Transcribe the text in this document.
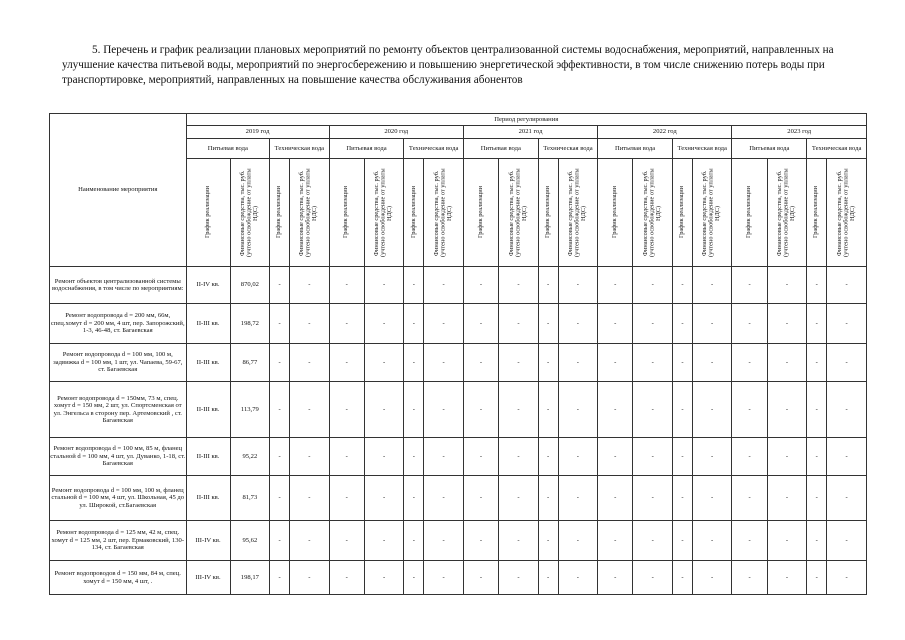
5. Перечень и график реализации плановых мероприятий по ремонту объектов централизованной системы водоснабжения, мероприятий, направленных на улучшение качества питьевой воды, мероприятий по энергосбережению и повышению энергетической эффективности, в том числе снижению потерь воды при транспортировке, мероприятий, направленных на повышение качества обслуживания абонентов
Наименование мероприятия	Период регулирования																			
	2019 год				2020 год				2021 год				2022 год				2023 год			
	Питьевая вода		Техническая вода		Питьевая вода		Техническая вода		Питьевая вода		Техническая вода		Питьевая вода		Техническая вода		Питьевая вода		Техническая вода	

	График реализации	Финансовые средства, тыс. руб. (учтено освобождение от уплаты НДС)	График реализации	Финансовые средства, тыс. руб. (учтено освобождение от уплаты НДС)	График реализации	Финансовые средства, тыс. руб. (учтено освобождение от уплаты НДС)	График реализации	Финансовые средства, тыс. руб. (учтено освобождение от уплаты НДС)	График реализации	Финансовые средства, тыс. руб. (учтено освобождение от уплаты НДС)	График реализации	Финансовые средства, тыс. руб. (учтено освобождение от уплаты НДС)	График реализации	Финансовые средства, тыс. руб. (учтено освобождение от уплаты НДС)	График реализации	Финансовые средства, тыс. руб. (учтено освобождение от уплаты НДС)	График реализации	Финансовые средства, тыс. руб. (учтено освобождение от уплаты НДС)	График реализации	Финансовые средства, тыс. руб. (учтено освобождение от уплаты НДС)

Ремонт объектов централизованной системы водоснабжения, в том числе по мероприятиям:	II-IV кв.	870,02	-	-	-	-	-	-	-	-	-	-	-	-	-	-	-	-	-	-
Ремонт водопровода d = 200 мм, 66м, спец.хомут d = 200 мм, 4 шт, пер. Запорожский, 1-3, 46-48, ст. Багаевская	II-III кв.	198,72	-	-	-	-	-	-	-	-	-	-	-	-	-	-	-	-	-	-
Ремонт водопровода d = 100 мм, 100 м, задвижка d = 100 мм, 1 шт, ул. Чапаева, 59-67, ст. Багаевская	II-III кв.	86,77	-	-	-	-	-	-	-	-	-	-	-	-	-	-	-	-	-	-
Ремонт водопровода d = 150мм, 73 м, спец. хомут d = 150 мм, 2 шт, ул. Спортсменская от ул. Энгельса в сторону пер. Артемовский , ст. Багаевская	II-III кв.	113,79	-	-	-	-	-	-	-	-	-	-	-	-	-	-	-	-	-	-
Ремонт водопровода d = 100 мм, 85 м, фланец стальной d = 100 мм, 4 шт, ул. Дуванко, 1-18, ст. Багаевская	II-III кв.	95,22	-	-	-	-	-	-	-	-	-	-	-	-	-	-	-	-	-	-
Ремонт водопровода d = 100 мм, 100 м, фланец стальной d = 100 мм, 4 шт, ул. Школьная, 45 до ул. Широкой, ст.Багаевская	II-III кв.	81,73	-	-	-	-	-	-	-	-	-	-	-	-	-	-	-	-	-	-
Ремонт водопровода d = 125 мм, 42 м, спец. хомут d = 125 мм, 2 шт, пер. Ермаковский, 130-134, ст. Багаевская	III-IV кв.	95,62	-	-	-	-	-	-	-	-	-	-	-	-	-	-	-	-	-	-
Ремонт водопроводов d = 150 мм, 84 м, спец. хомут d = 150 мм, 4 шт, .	III-IV кв.	198,17	-	-	-	-	-	-	-	-	-	-	-	-	-	-	-	-	-	-
